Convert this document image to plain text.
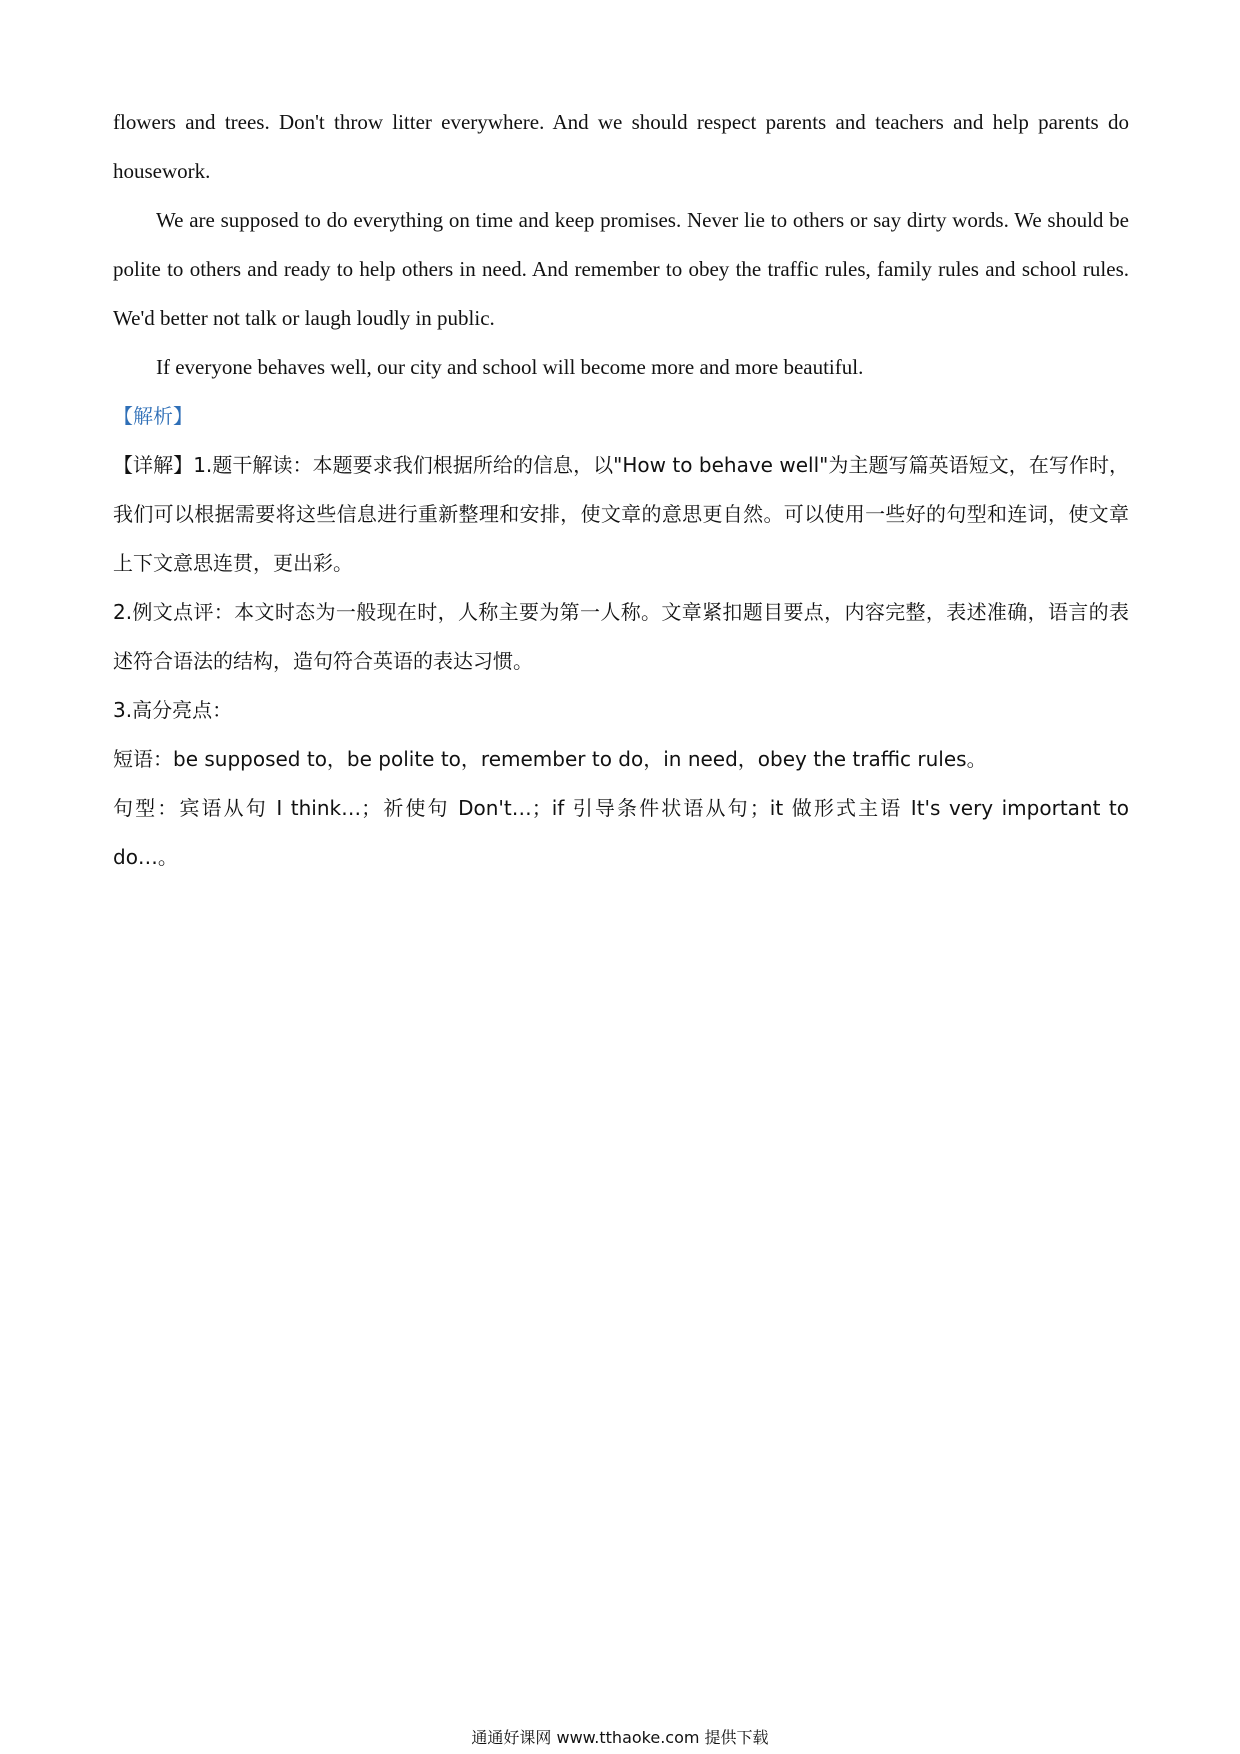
flowers and trees. Don't throw litter everywhere. And we should respect parents and teachers and help parents do housework.

We are supposed to do everything on time and keep promises. Never lie to others or say dirty words. We should be polite to others and ready to help others in need. And remember to obey the traffic rules, family rules and school rules. We'd better not talk or laugh loudly in public.

If everyone behaves well, our city and school will become more and more beautiful.

【解析】

【详解】1.题干解读：本题要求我们根据所给的信息，以"How to behave well"为主题写篇英语短文，在写作时，我们可以根据需要将这些信息进行重新整理和安排，使文章的意思更自然。可以使用一些好的句型和连词，使文章上下文意思连贯，更出彩。

2.例文点评：本文时态为一般现在时，人称主要为第一人称。文章紧扣题目要点，内容完整，表述准确，语言的表述符合语法的结构，造句符合英语的表达习惯。

3.高分亮点：

短语：be supposed to，be polite to，remember to do，in need，obey the traffic rules。

句型：宾语从句 I think…；祈使句 Don't…；if 引导条件状语从句；it 做形式主语 It's very important to do…。

通通好课网 www.tthaoke.com 提供下载
